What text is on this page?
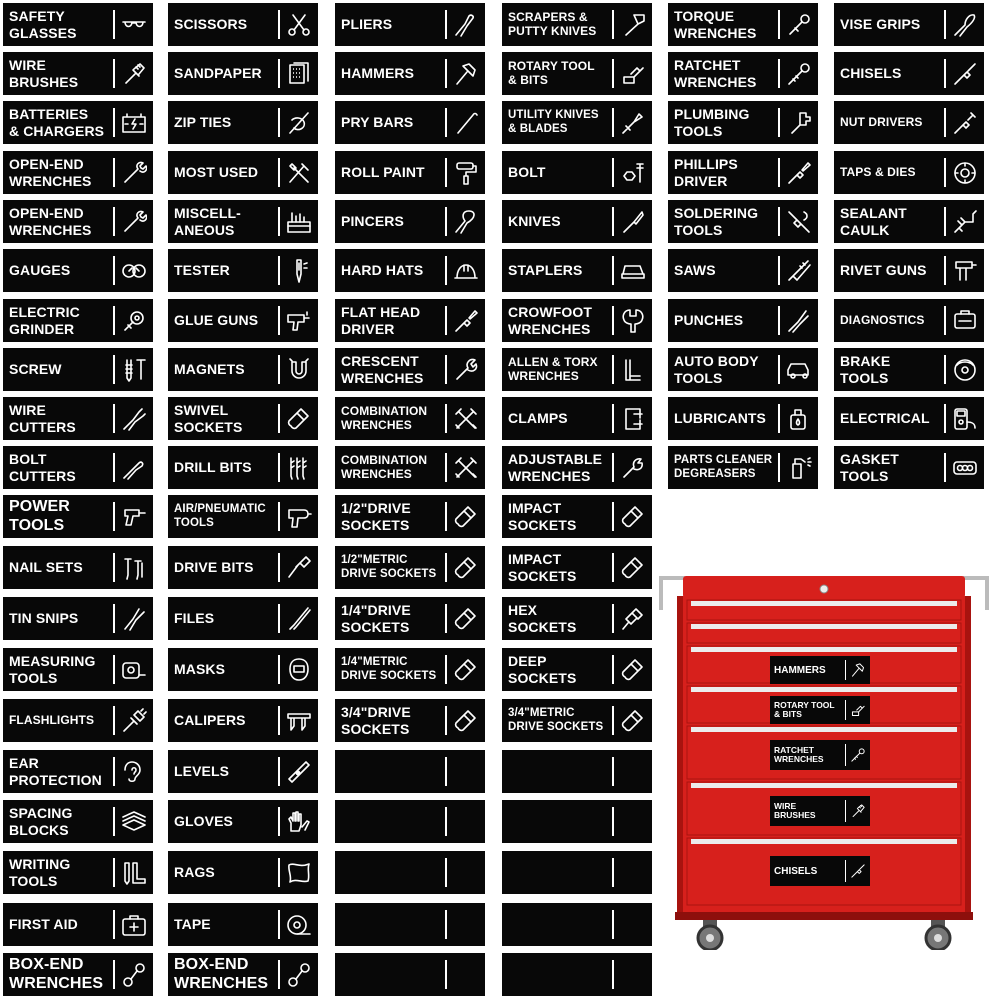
SAFETY
GLASSES
WIRE
BRUSHES
BATTERIES
& CHARGERS
OPEN-END
WRENCHES
OPEN-END
WRENCHES
GAUGES
ELECTRIC
GRINDER
SCREW
WIRE
CUTTERS
BOLT
CUTTERS
POWER
TOOLS
NAIL SETS
TIN SNIPS
MEASURING
TOOLS
FLASHLIGHTS
EAR
PROTECTION
SPACING
BLOCKS
WRITING
TOOLS
FIRST AID
BOX-END
WRENCHES
SCISSORS
SANDPAPER
ZIP TIES
MOST USED
MISCELL-
ANEOUS
TESTER
GLUE GUNS
MAGNETS
SWIVEL
SOCKETS
DRILL BITS
AIR/PNEUMATIC
TOOLS
DRIVE BITS
FILES
MASKS
CALIPERS
LEVELS
GLOVES
RAGS
TAPE
BOX-END
WRENCHES
PLIERS
HAMMERS
PRY BARS
ROLL PAINT
PINCERS
HARD HATS
FLAT HEAD
DRIVER
CRESCENT
WRENCHES
COMBINATION
WRENCHES
COMBINATION
WRENCHES
1/2"DRIVE
SOCKETS
1/2"METRIC
DRIVE SOCKETS
1/4"DRIVE
SOCKETS
1/4"METRIC
DRIVE SOCKETS
3/4"DRIVE
SOCKETS
SCRAPERS &
PUTTY KNIVES
ROTARY TOOL
& BITS
UTILITY KNIVES
& BLADES
BOLT
KNIVES
STAPLERS
CROWFOOT
WRENCHES
ALLEN & TORX
WRENCHES
CLAMPS
ADJUSTABLE
WRENCHES
IMPACT
SOCKETS
IMPACT
SOCKETS
HEX
SOCKETS
DEEP
SOCKETS
3/4"METRIC
DRIVE SOCKETS
TORQUE
WRENCHES
RATCHET
WRENCHES
PLUMBING
TOOLS
PHILLIPS
DRIVER
SOLDERING
TOOLS
SAWS
PUNCHES
AUTO BODY
TOOLS
LUBRICANTS
PARTS CLEANER
DEGREASERS
VISE GRIPS
CHISELS
NUT DRIVERS
TAPS & DIES
SEALANT
CAULK
RIVET GUNS
DIAGNOSTICS
BRAKE
TOOLS
ELECTRICAL
GASKET
TOOLS
HAMMERS
ROTARY TOOL
& BITS
RATCHET
WRENCHES
WIRE
BRUSHES
CHISELS
